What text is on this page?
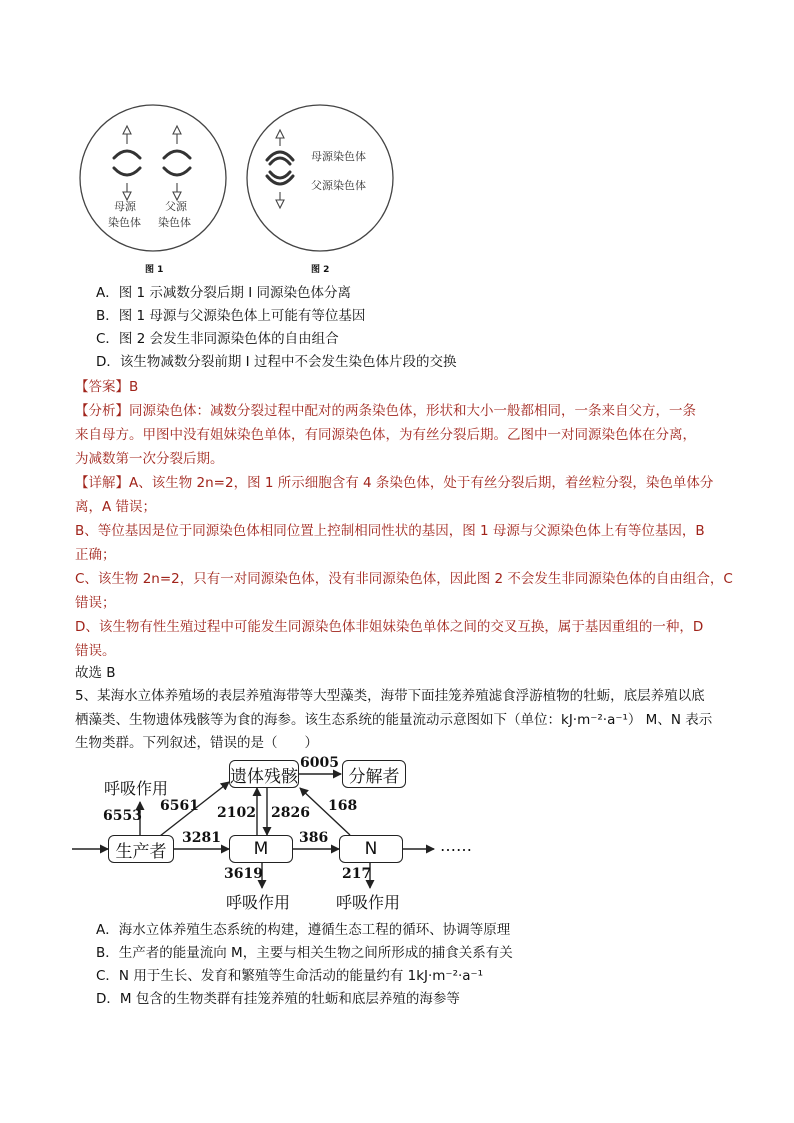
母源
染色体
父源
染色体
母源染色体
父源染色体
图 1	图 2
A．图 1 示减数分裂后期 I 同源染色体分离
B．图 1 母源与父源染色体上可能有等位基因
C．图 2 会发生非同源染色体的自由组合
D．该生物减数分裂前期 I 过程中不会发生染色体片段的交换
【答案】B
【分析】同源染色体：减数分裂过程中配对的两条染色体，形状和大小一般都相同，一条来自父方，一条
来自母方。甲图中没有姐妹染色单体，有同源染色体，为有丝分裂后期。乙图中一对同源染色体在分离，
为减数第一次分裂后期。
【详解】A、该生物 2n=2，图 1 所示细胞含有 4 条染色体，处于有丝分裂后期，着丝粒分裂，染色单体分
离，A 错误；
B、等位基因是位于同源染色体相同位置上控制相同性状的基因，图 1 母源与父源染色体上有等位基因，B
正确；
C、该生物 2n=2，只有一对同源染色体，没有非同源染色体，因此图 2 不会发生非同源染色体的自由组合，C
错误；
D、该生物有性生殖过程中可能发生同源染色体非姐妹染色单体之间的交叉互换，属于基因重组的一种，D
错误。
故选 B
5、某海水立体养殖场的表层养殖海带等大型藻类，海带下面挂笼养殖滤食浮游植物的牡蛎，底层养殖以底
栖藻类、生物遗体残骸等为食的海参。该生态系统的能量流动示意图如下（单位：kJ·m⁻²·a⁻¹） M、N 表示
生物类群。下列叙述，错误的是（　　）
生产者
遗体残骸	分解者
M	N
呼吸作用
呼吸作用	呼吸作用
……
6553
6561
3281
2102 2826
6005
168
386
3619	217
A．海水立体养殖生态系统的构建，遵循生态工程的循环、协调等原理
B．生产者的能量流向 M，主要与相关生物之间所形成的捕食关系有关
C．N 用于生长、发育和繁殖等生命活动的能量约有 1kJ·m⁻²·a⁻¹
D．M 包含的生物类群有挂笼养殖的牡蛎和底层养殖的海参等
